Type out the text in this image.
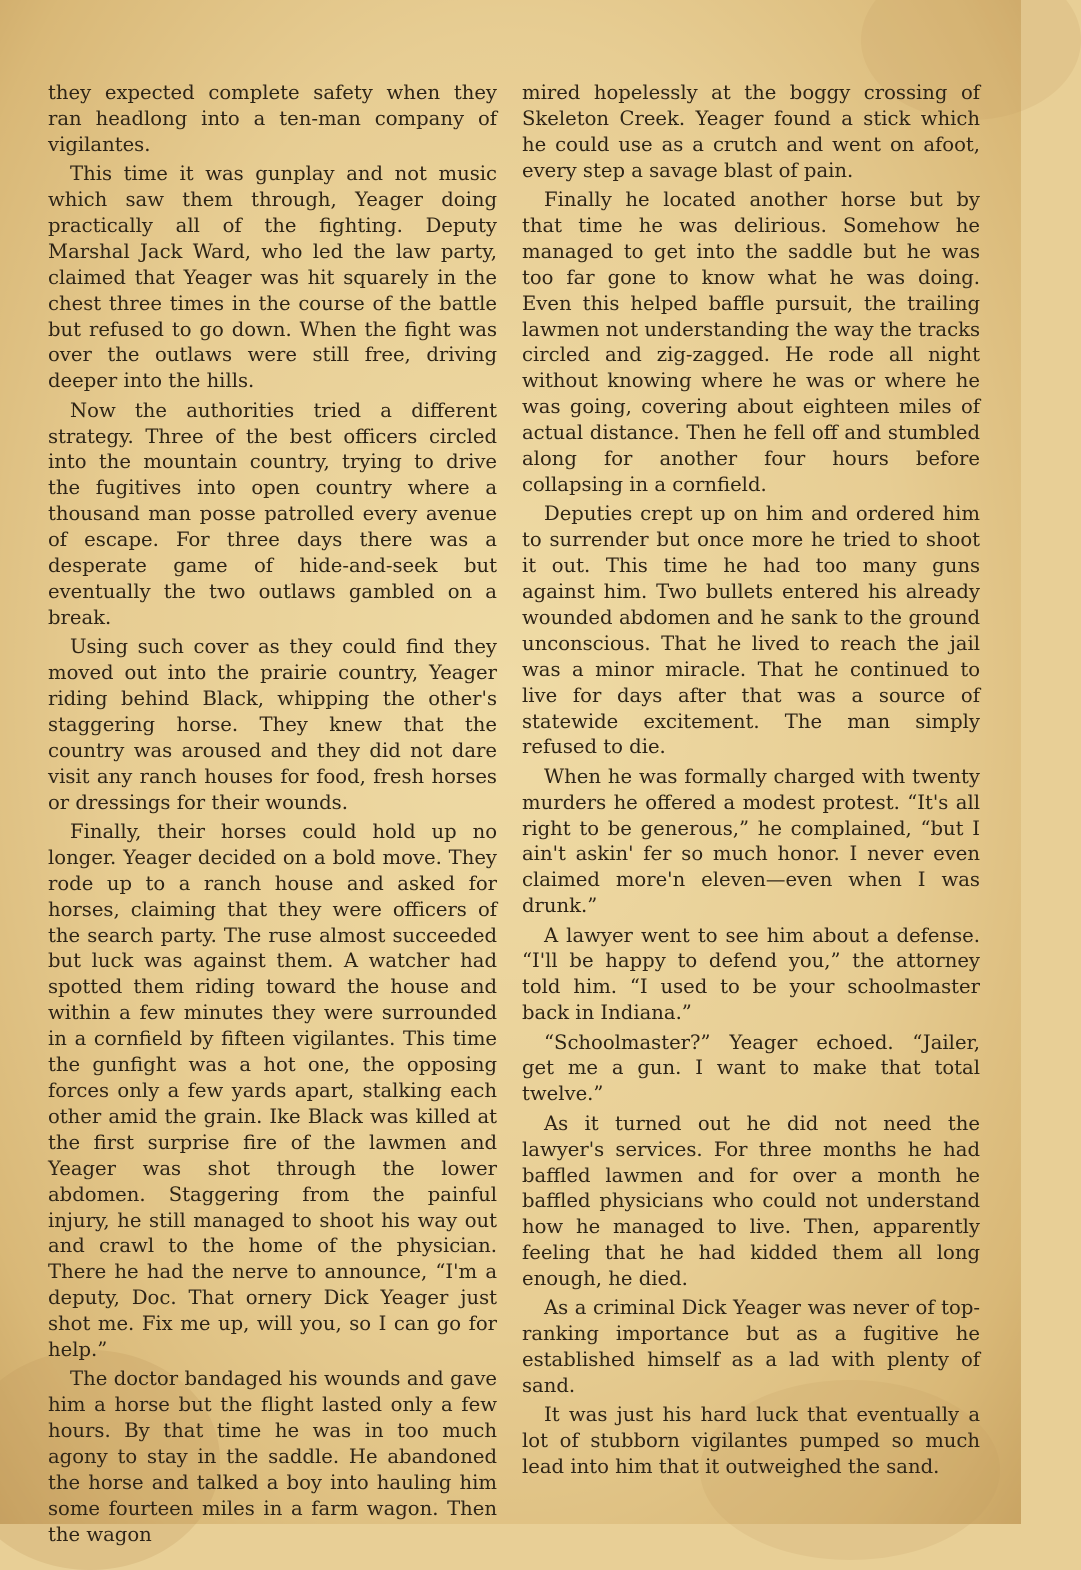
they expected complete safety when they ran headlong into a ten-man company of vigilantes.

This time it was gunplay and not music which saw them through, Yeager doing practically all of the fighting. Deputy Marshal Jack Ward, who led the law party, claimed that Yeager was hit squarely in the chest three times in the course of the battle but refused to go down. When the fight was over the outlaws were still free, driving deeper into the hills.

Now the authorities tried a different strategy. Three of the best officers circled into the mountain country, trying to drive the fugitives into open country where a thousand man posse patrolled every avenue of escape. For three days there was a desperate game of hide-and-seek but eventually the two outlaws gambled on a break.

Using such cover as they could find they moved out into the prairie country, Yeager riding behind Black, whipping the other's staggering horse. They knew that the country was aroused and they did not dare visit any ranch houses for food, fresh horses or dressings for their wounds.

Finally, their horses could hold up no longer. Yeager decided on a bold move. They rode up to a ranch house and asked for horses, claiming that they were officers of the search party. The ruse almost succeeded but luck was against them. A watcher had spotted them riding toward the house and within a few minutes they were surrounded in a cornfield by fifteen vigilantes. This time the gunfight was a hot one, the opposing forces only a few yards apart, stalking each other amid the grain. Ike Black was killed at the first surprise fire of the lawmen and Yeager was shot through the lower abdomen. Staggering from the painful injury, he still managed to shoot his way out and crawl to the home of the physician. There he had the nerve to announce, “I'm a deputy, Doc. That ornery Dick Yeager just shot me. Fix me up, will you, so I can go for help.”

The doctor bandaged his wounds and gave him a horse but the flight lasted only a few hours. By that time he was in too much agony to stay in the saddle. He abandoned the horse and talked a boy into hauling him some fourteen miles in a farm wagon. Then the wagon

mired hopelessly at the boggy crossing of Skeleton Creek. Yeager found a stick which he could use as a crutch and went on afoot, every step a savage blast of pain.

Finally he located another horse but by that time he was delirious. Somehow he managed to get into the saddle but he was too far gone to know what he was doing. Even this helped baffle pursuit, the trailing lawmen not understanding the way the tracks circled and zig-zagged. He rode all night without knowing where he was or where he was going, covering about eighteen miles of actual distance. Then he fell off and stumbled along for another four hours before collapsing in a cornfield.

Deputies crept up on him and ordered him to surrender but once more he tried to shoot it out. This time he had too many guns against him. Two bullets entered his already wounded abdomen and he sank to the ground unconscious. That he lived to reach the jail was a minor miracle. That he continued to live for days after that was a source of statewide excitement. The man simply refused to die.

When he was formally charged with twenty murders he offered a modest protest. “It's all right to be generous,” he complained, “but I ain't askin' fer so much honor. I never even claimed more'n eleven—even when I was drunk.”

A lawyer went to see him about a defense. “I'll be happy to defend you,” the attorney told him. “I used to be your schoolmaster back in Indiana.”

“Schoolmaster?” Yeager echoed. “Jailer, get me a gun. I want to make that total twelve.”

As it turned out he did not need the lawyer's services. For three months he had baffled lawmen and for over a month he baffled physicians who could not understand how he managed to live. Then, apparently feeling that he had kidded them all long enough, he died.

As a criminal Dick Yeager was never of top-ranking importance but as a fugitive he established himself as a lad with plenty of sand.

It was just his hard luck that eventually a lot of stubborn vigilantes pumped so much lead into him that it outweighed the sand.
